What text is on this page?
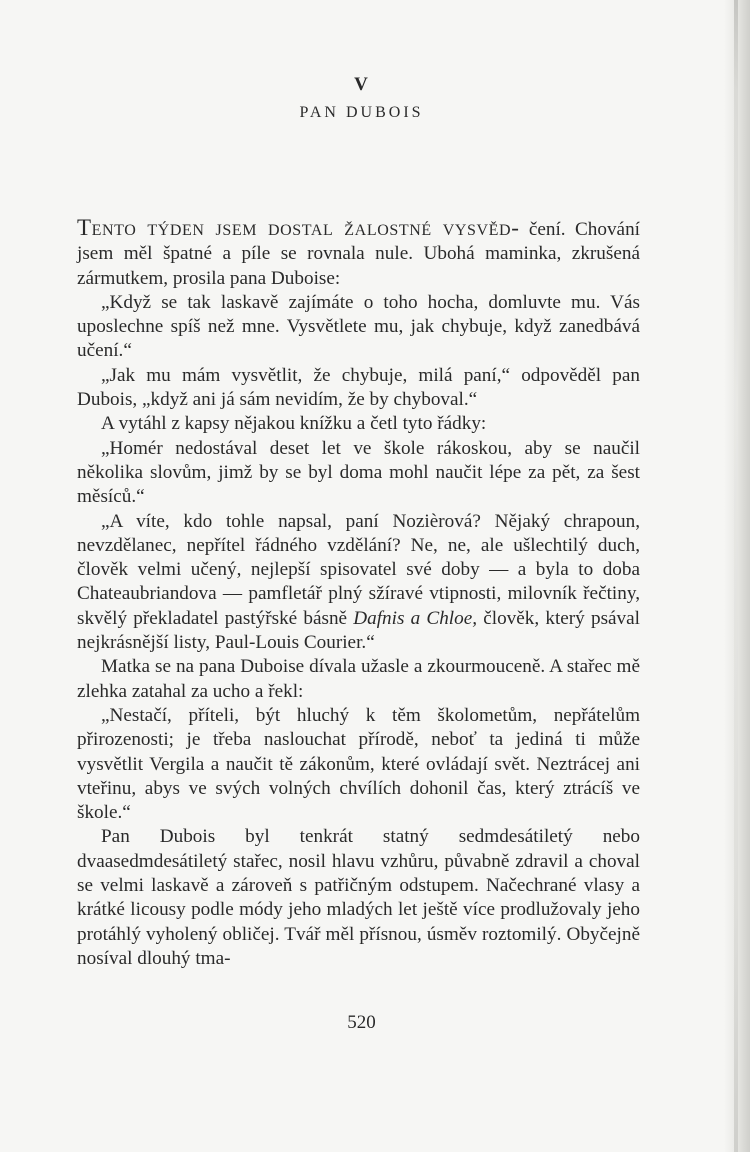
V
PAN DUBOIS

Tento týden jsem dostal žalostné vysvěd- čení. Chování jsem měl špatné a píle se rovnala nule. Ubohá maminka, zkrušená zármutkem, prosila pana Duboise:

„Když se tak laskavě zajímáte o toho hocha, domluvte mu. Vás uposlechne spíš než mne. Vysvětlete mu, jak chybuje, když zanedbává učení.“

„Jak mu mám vysvětlit, že chybuje, milá paní,“ odpověděl pan Dubois, „když ani já sám nevidím, že by chyboval.“

A vytáhl z kapsy nějakou knížku a četl tyto řádky:

„Homér nedostával deset let ve škole rákoskou, aby se naučil několika slovům, jimž by se byl doma mohl naučit lépe za pět, za šest měsíců.“

„A víte, kdo tohle napsal, paní Nozièrová? Nějaký chrapoun, nevzdělanec, nepřítel řádného vzdělání? Ne, ne, ale ušlechtilý duch, člověk velmi učený, nejlepší spisovatel své doby — a byla to doba Chateaubriandova — pamfletář plný sžíravé vtipnosti, milovník řečtiny, skvělý překladatel pastýřské básně Dafnis a Chloe, člověk, který psával nejkrásnější listy, Paul-Louis Courier.“

Matka se na pana Duboise dívala užasle a zkourmouceně. A stařec mě zlehka zatahal za ucho a řekl:

„Nestačí, příteli, být hluchý k těm školometům, nepřátelům přirozenosti; je třeba naslouchat přírodě, neboť ta jediná ti může vysvětlit Vergila a naučit tě zákonům, které ovládají svět. Neztrácej ani vteřinu, abys ve svých volných chvílích dohonil čas, který ztrácíš ve škole.“

Pan Dubois byl tenkrát statný sedmdesátiletý nebo dvaasedmdesátiletý stařec, nosil hlavu vzhůru, půvabně zdravil a choval se velmi laskavě a zároveň s patřičným odstupem. Načechrané vlasy a krátké licousy podle módy jeho mladých let ještě více prodlužovaly jeho protáhlý vyholený obličej. Tvář měl přísnou, úsměv roztomilý. Obyčejně nosíval dlouhý tma-

520
